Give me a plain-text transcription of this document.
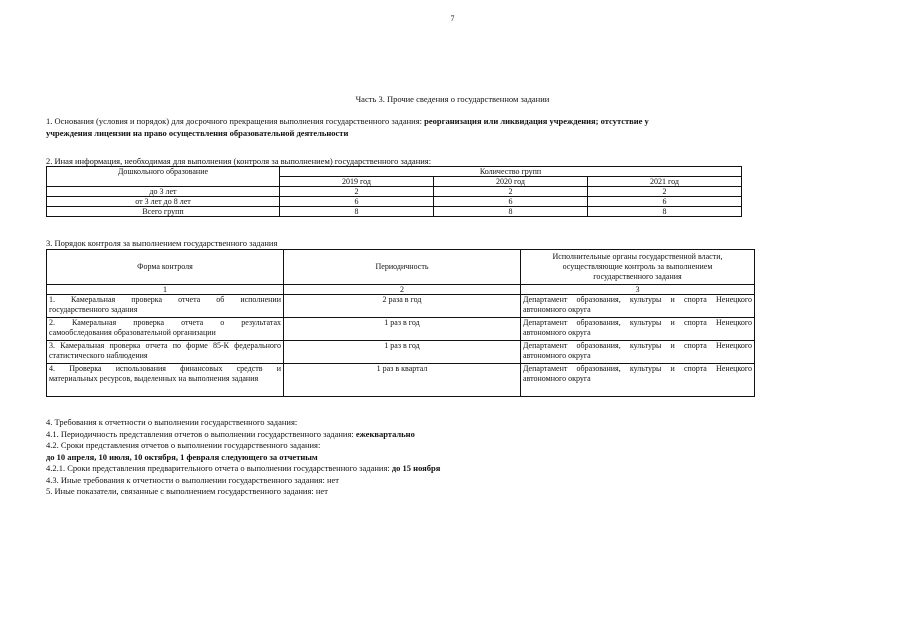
7
Часть 3. Прочие сведения о государственном задании
1. Основания (условия и порядок) для досрочного прекращения выполнения государственного задания: реорганизация или ликвидация учреждения; отсутствие у
учреждения лицензии на право осуществления образовательной деятельности
2. Иная информация, необходимая для выполнения (контроля за выполнением) государственного задания:
Дошкольного образование	Количество групп		
	2019 год	2020 год	2021 год
до 3 лет	2	2	2
от 3 лет до 8 лет	6	6	6
Всего групп	8	8	8
3. Порядок контроля за выполнением государственного задания
Форма контроля	Периодичность	Исполнительные органы государственной власти, осуществляющие контроль за выполнением государственного задания
1	2	3

1. Камеральная проверка отчета об исполнении
государственного задания	2 раза в год	Департамент образования, культуры и спорта Ненецкого
автономного округа

2. Камеральная проверка отчета о результатах
самообследования образовательной организации	1 раз в год	Департамент образования, культуры и спорта Ненецкого
автономного округа

3. Камеральная проверка отчета по форме 85-К федерального
статистического наблюдения	1 раз в год	Департамент образования, культуры и спорта Ненецкого
автономного округа

4. Проверка использования финансовых средств и
материальных ресурсов, выделенных на выполнения задания	1 раз в квартал	Департамент образования, культуры и спорта Ненецкого
автономного округа
4. Требования к отчетности о выполнении государственного задания:
4.1. Периодичность представления отчетов о выполнении государственного задания: ежеквартально
4.2. Сроки представления отчетов о выполнении государственного задания:
до 10 апреля, 10 июля, 10 октября, 1 февраля следующего за отчетным
4.2.1. Сроки представления предварительного отчета о выполнении государственного задания: до 15 ноября
4.3. Иные требования к отчетности о выполнении государственного задания: нет
5. Иные показатели, связанные с выполнением государственного задания: нет
